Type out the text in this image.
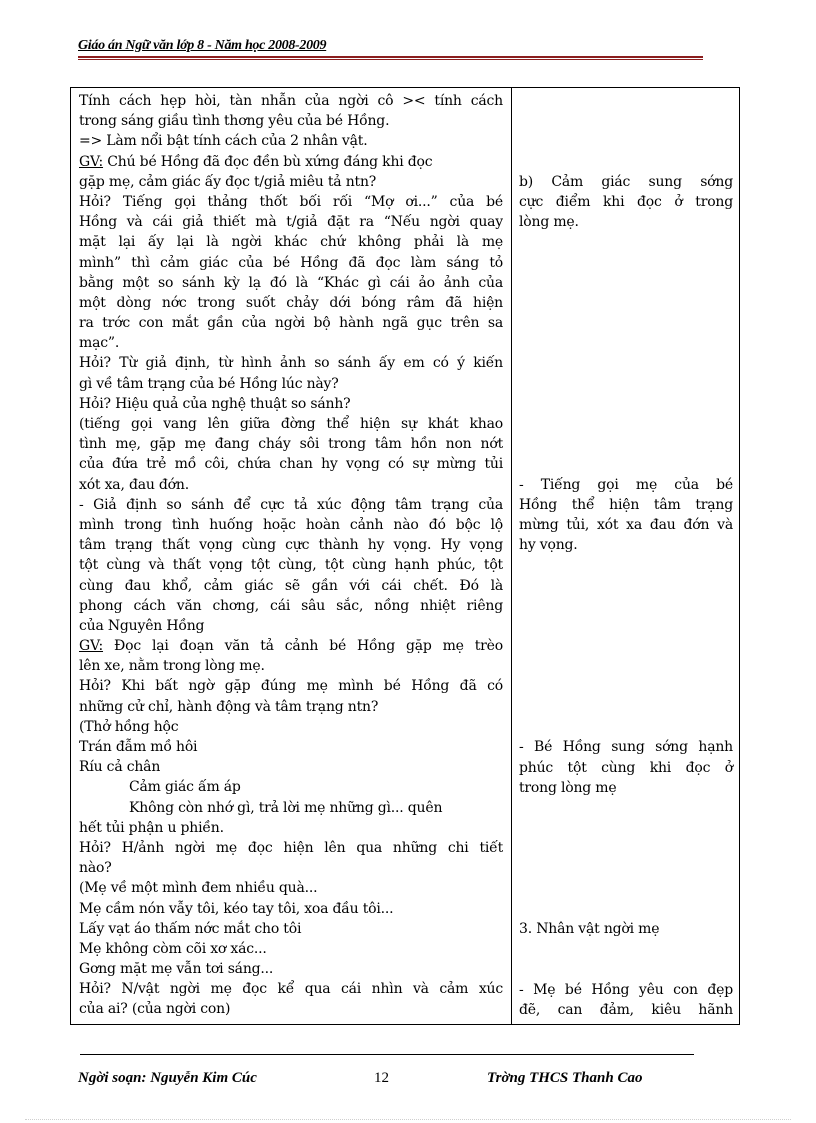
Giáo án Ngữ văn lớp 8 - Năm học 2008-2009
Tính cách hẹp hòi, tàn nhẫn của ngời cô >< tính cách
trong sáng giầu tình thơng yêu của bé Hồng.
=> Làm nổi bật tính cách của 2 nhân vật.
GV: Chú bé Hồng đã đọc đền bù xứng đáng khi đọc
gặp mẹ, cảm giác ấy đọc t/giả miêu tả ntn?
Hỏi? Tiếng gọi thảng thốt bối rối “Mợ ơi...” của bé
Hồng và cái giả thiết mà t/giả đặt ra “Nếu ngời quay
mặt lại ấy lại là ngời khác chứ không phải là mẹ
mình” thì cảm giác của bé Hồng đã đọc làm sáng tỏ
bằng một so sánh kỳ lạ đó là “Khác gì cái ảo ảnh của
một dòng nớc trong suốt chảy dới bóng râm đã hiện
ra trớc con mắt gần của ngời bộ hành ngã gục trên sa
mạc”.
Hỏi? Từ giả định, từ hình ảnh so sánh ấy em có ý kiến
gì về tâm trạng của bé Hồng lúc này?
Hỏi? Hiệu quả của nghệ thuật so sánh?
(tiếng gọi vang lên giữa đờng thể hiện sự khát khao
tình mẹ, gặp mẹ đang cháy sôi trong tâm hồn non nớt
của đứa trẻ mồ côi, chứa chan hy vọng có sự mừng tủi
xót xa, đau đớn.
- Giả định so sánh để cực tả xúc động tâm trạng của
mình trong tình huống hoặc hoàn cảnh nào đó bộc lộ
tâm trạng thất vọng cùng cực thành hy vọng. Hy vọng
tột cùng và thất vọng tột cùng, tột cùng hạnh phúc, tột
cùng đau khổ, cảm giác sẽ gần với cái chết. Đó là
phong cách văn chơng, cái sâu sắc, nồng nhiệt riêng
của Nguyên Hồng
GV: Đọc lại đoạn văn tả cảnh bé Hồng gặp mẹ trèo
lên xe, nằm trong lòng mẹ.
Hỏi? Khi bất ngờ gặp đúng mẹ mình bé Hồng đã có
những cử chỉ, hành động và tâm trạng ntn?
(Thở hồng hộc
Trán đẫm mồ hôi
Ríu cả chân
Cảm giác ấm áp
Không còn nhớ gì, trả lời mẹ những gì... quên
hết tủi phận u phiền.
Hỏi? H/ảnh ngời mẹ đọc hiện lên qua những chi tiết
nào?
(Mẹ về một mình đem nhiều quà...
Mẹ cầm nón vẫy tôi, kéo tay tôi, xoa đầu tôi...
Lấy vạt áo thấm nớc mắt cho tôi
Mẹ không còm cõi xơ xác...
Gơng mặt mẹ vẫn tơi sáng...
Hỏi? N/vật ngời mẹ đọc kể qua cái nhìn và cảm xúc
của ai? (của ngời con)
b) Cảm giác sung sớng
cực điểm khi đọc ở trong
lòng mẹ.
- Tiếng gọi mẹ của bé
Hồng thể hiện tâm trạng
mừng tủi, xót xa đau đớn và
hy vọng.
- Bé Hồng sung sớng hạnh
phúc tột cùng khi đọc ở
trong lòng mẹ
3. Nhân vật ngời mẹ
- Mẹ bé Hồng yêu con đẹp
đẽ, can đảm, kiêu hãnh
Ngời soạn: Nguyễn Kim Cúc	12	Trờng THCS Thanh Cao
